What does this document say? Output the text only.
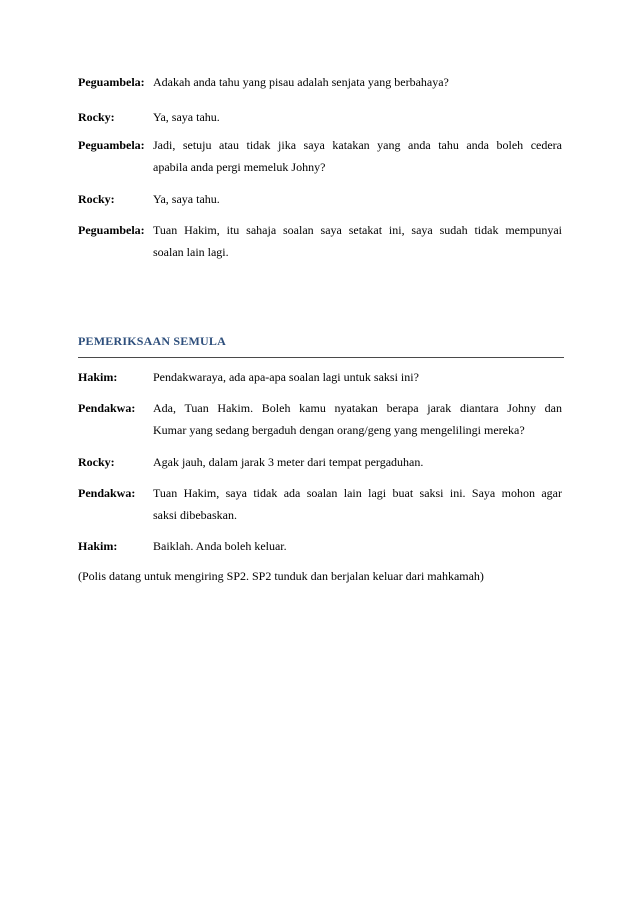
Peguambela: Adakah anda tahu yang pisau adalah senjata yang berbahaya?
Rocky:	Ya, saya tahu.
Peguambela: Jadi, setuju atau tidak jika saya katakan yang anda tahu anda boleh cedera
apabila anda pergi memeluk Johny?
Rocky:	Ya, saya tahu.
Peguambela: Tuan Hakim, itu sahaja soalan saya setakat ini, saya sudah tidak mempunyai
soalan lain lagi.
PEMERIKSAAN SEMULA
Hakim:	Pendakwaraya, ada apa-apa soalan lagi untuk saksi ini?
Pendakwa: Ada, Tuan Hakim. Boleh kamu nyatakan berapa jarak diantara Johny dan
Kumar yang sedang bergaduh dengan orang/geng yang mengelilingi mereka?
Rocky:	Agak jauh, dalam jarak 3 meter dari tempat pergaduhan.
Pendakwa: Tuan Hakim, saya tidak ada soalan lain lagi buat saksi ini. Saya mohon agar
saksi dibebaskan.
Hakim:	Baiklah. Anda boleh keluar.
(Polis datang untuk mengiring SP2. SP2 tunduk dan berjalan keluar dari mahkamah)
